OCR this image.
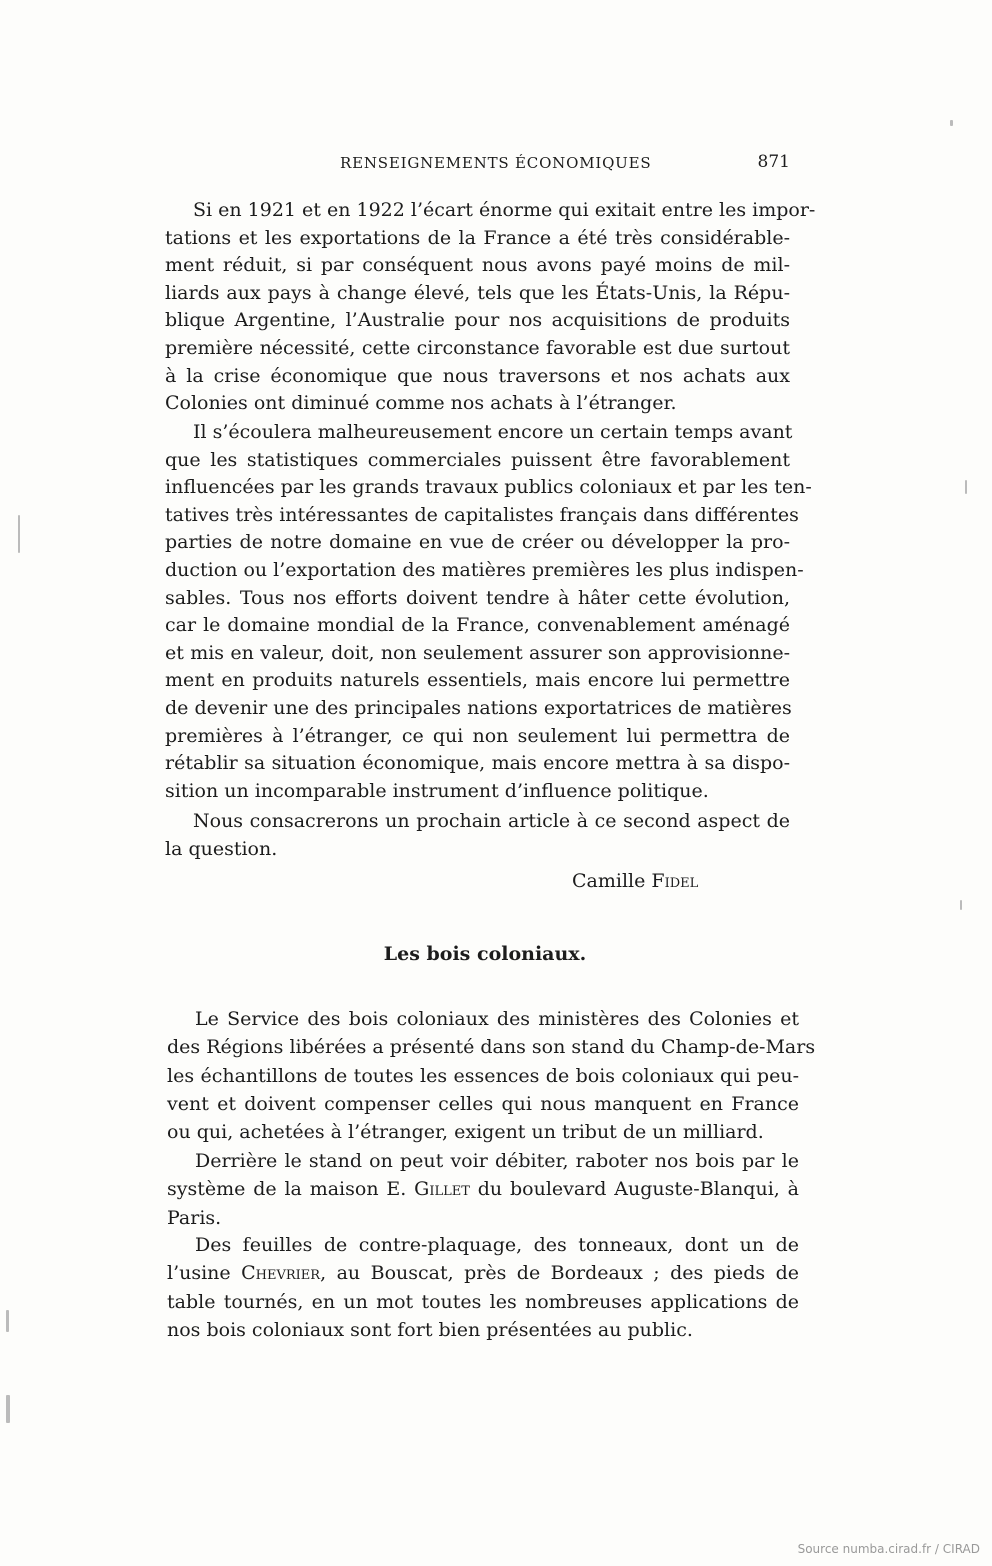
RENSEIGNEMENTS ÉCONOMIQUES	871
Si en 1921 et en 1922 l’écart énorme qui exitait entre les impor-
tations et les exportations de la France a été très considérable-
ment réduit, si par conséquent nous avons payé moins de mil-
liards aux pays à change élevé, tels que les États-Unis, la Répu-
blique Argentine, l’Australie pour nos acquisitions de produits
première nécessité, cette circonstance favorable est due surtout
à la crise économique que nous traversons et nos achats aux
Colonies ont diminué comme nos achats à l’étranger.
Il s’écoulera malheureusement encore un certain temps avant
que les statistiques commerciales puissent être favorablement
influencées par les grands travaux publics coloniaux et par les ten-
tatives très intéressantes de capitalistes français dans différentes
parties de notre domaine en vue de créer ou développer la pro-
duction ou l’exportation des matières premières les plus indispen-
sables. Tous nos efforts doivent tendre à hâter cette évolution,
car le domaine mondial de la France, convenablement aménagé
et mis en valeur, doit, non seulement assurer son approvisionne-
ment en produits naturels essentiels, mais encore lui permettre
de devenir une des principales nations exportatrices de matières
premières à l’étranger, ce qui non seulement lui permettra de
rétablir sa situation économique, mais encore mettra à sa dispo-
sition un incomparable instrument d’influence politique.
Nous consacrerons un prochain article à ce second aspect de
la question.
Camille Fidel
Les bois coloniaux.
Le Service des bois coloniaux des ministères des Colonies et
des Régions libérées a présenté dans son stand du Champ-de-Mars
les échantillons de toutes les essences de bois coloniaux qui peu-
vent et doivent compenser celles qui nous manquent en France
ou qui, achetées à l’étranger, exigent un tribut de un milliard.
Derrière le stand on peut voir débiter, raboter nos bois par le
système de la maison E. Gillet du boulevard Auguste-Blanqui, à
Paris.
Des feuilles de contre-plaquage, des tonneaux, dont un de
l’usine Chevrier, au Bouscat, près de Bordeaux ; des pieds de
table tournés, en un mot toutes les nombreuses applications de
nos bois coloniaux sont fort bien présentées au public.
Source numba.cirad.fr / CIRAD
